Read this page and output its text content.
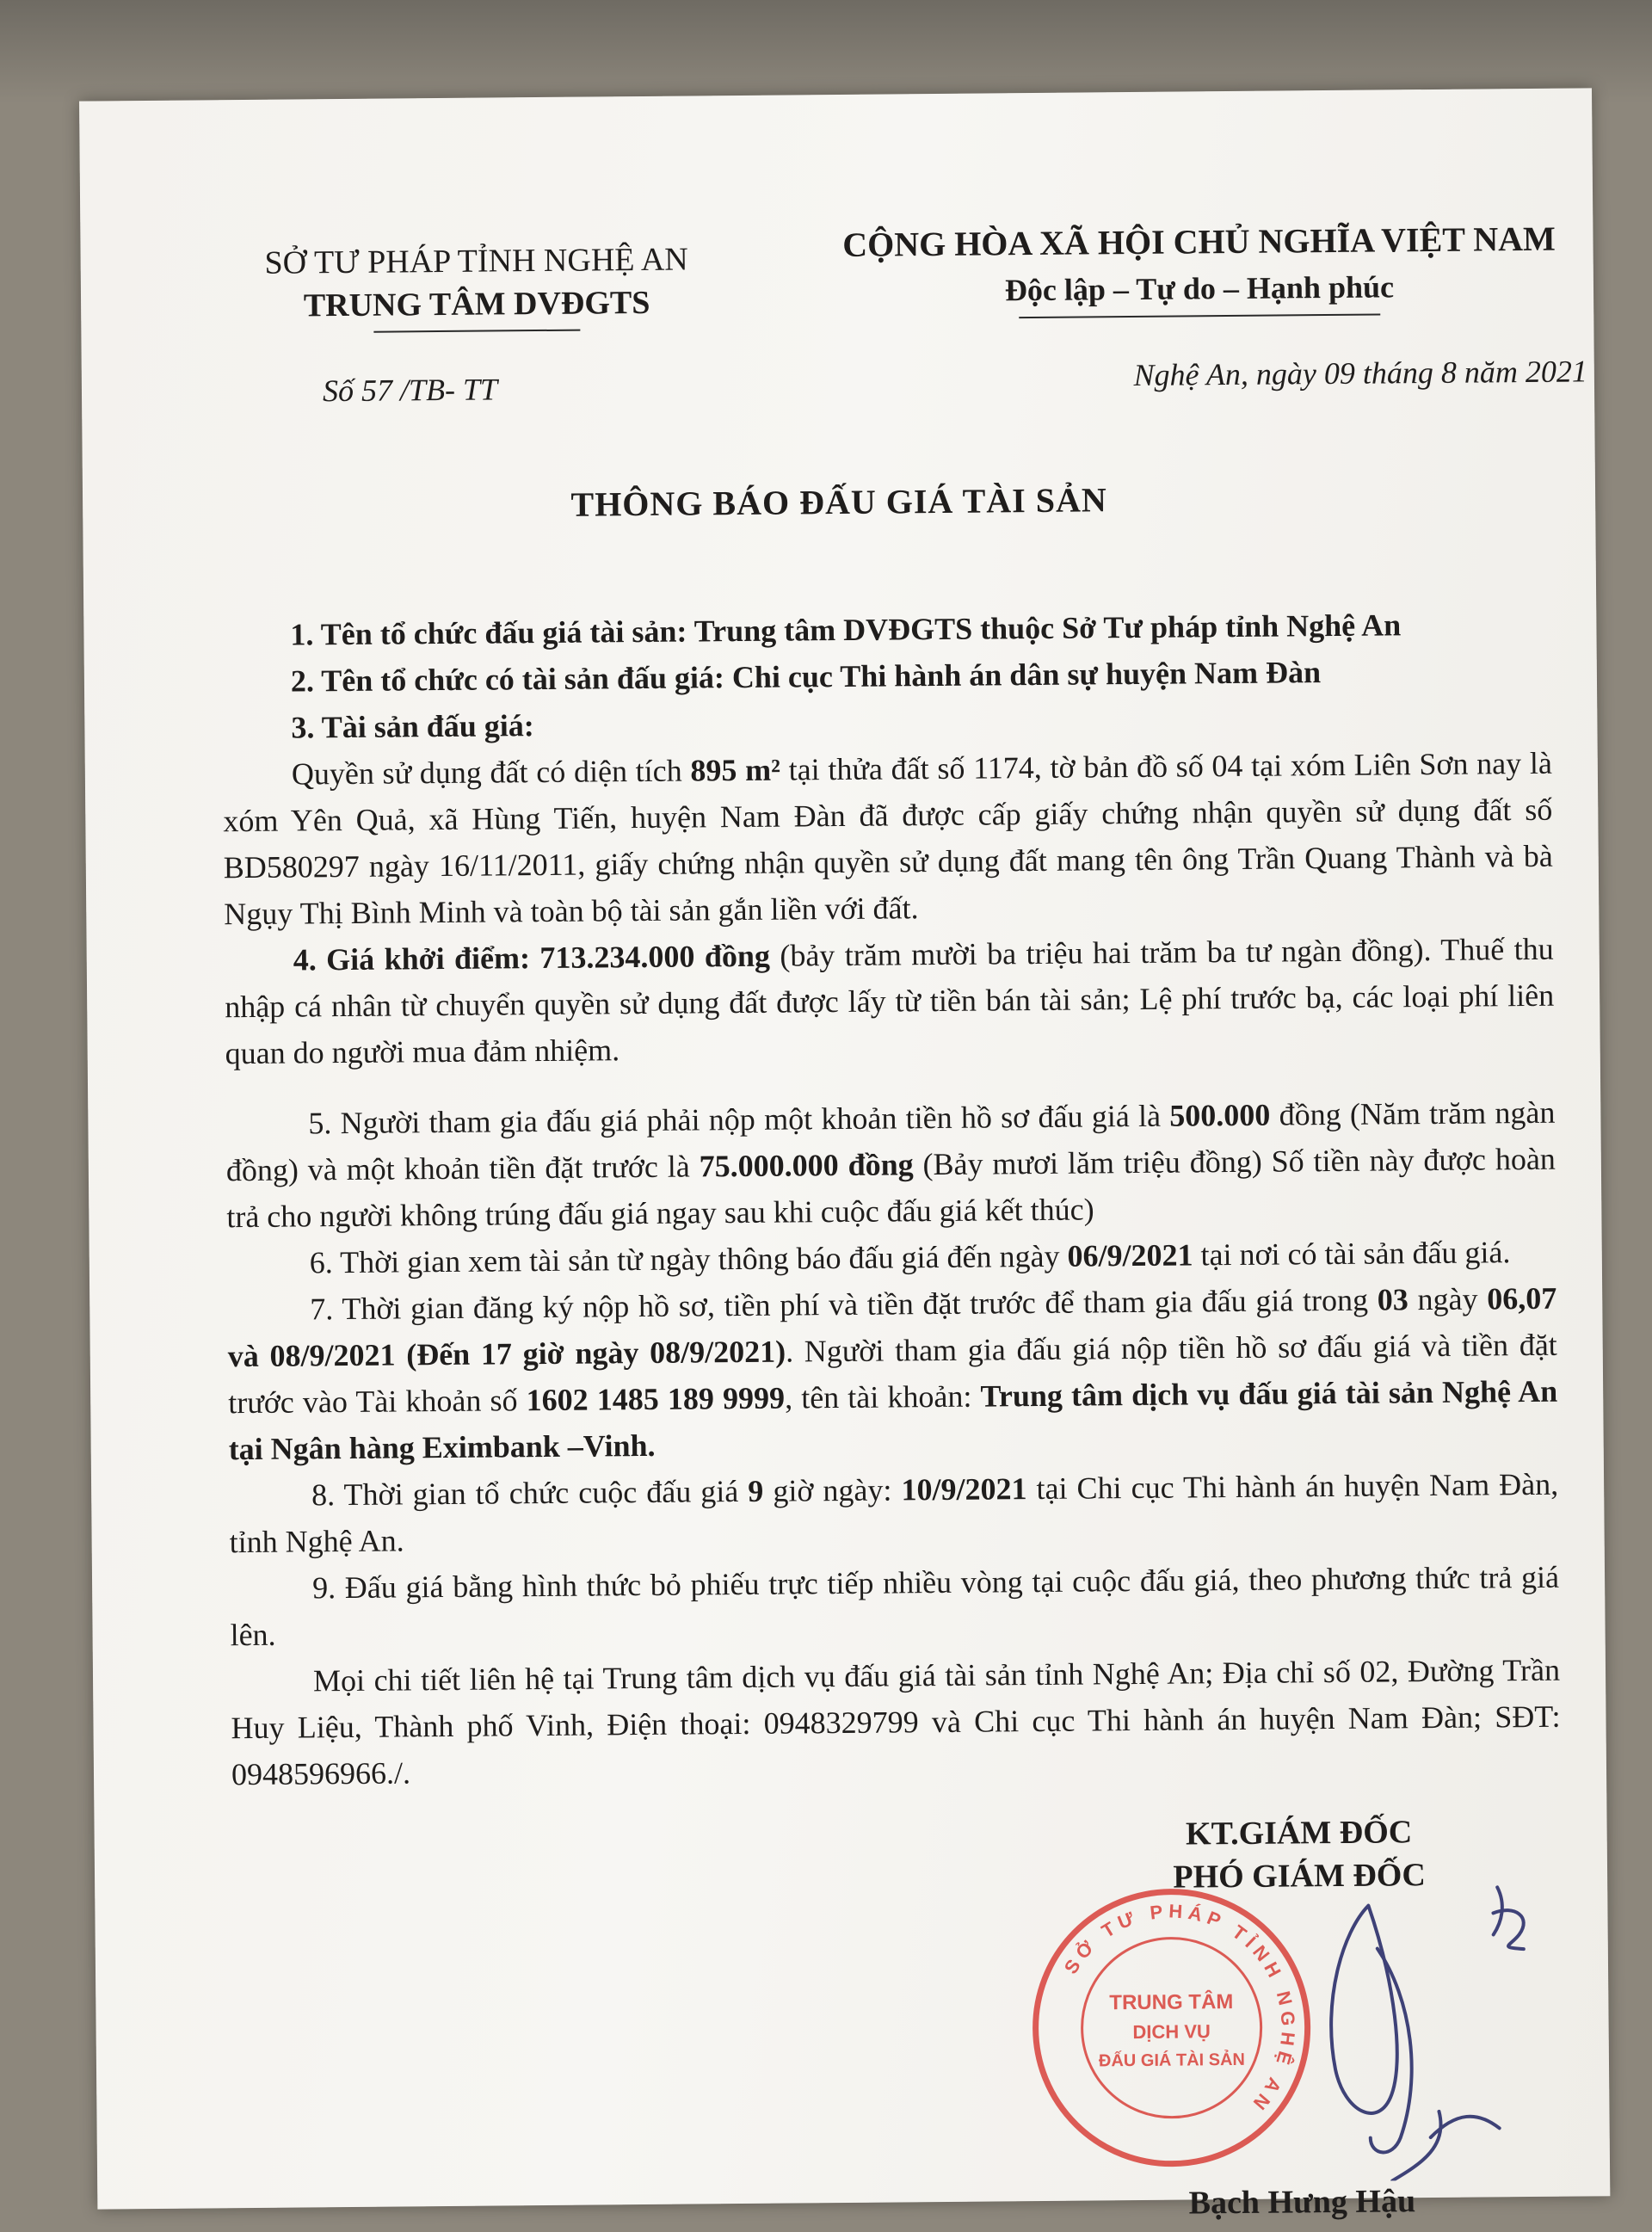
SỞ TƯ PHÁP TỈNH NGHỆ AN
TRUNG TÂM DVĐGTS
CỘNG HÒA XÃ HỘI CHỦ NGHĨA VIỆT NAM
Độc lập – Tự do – Hạnh phúc
Số 57 /TB- TT	Nghệ An, ngày 09 tháng 8 năm 2021
THÔNG BÁO ĐẤU GIÁ TÀI SẢN

1. Tên tổ chức đấu giá tài sản: Trung tâm DVĐGTS thuộc Sở Tư pháp tỉnh Nghệ An

2. Tên tổ chức có tài sản đấu giá: Chi cục Thi hành án dân sự huyện Nam Đàn

3. Tài sản đấu giá:

Quyền sử dụng đất có diện tích 895 m² tại thửa đất số 1174, tờ bản đồ số 04 tại xóm Liên Sơn nay là xóm Yên Quả, xã Hùng Tiến, huyện Nam Đàn đã được cấp giấy chứng nhận quyền sử dụng đất số BD580297 ngày 16/11/2011, giấy chứng nhận quyền sử dụng đất mang tên ông Trần Quang Thành và bà Ngụy Thị Bình Minh và toàn bộ tài sản gắn liền với đất.

4. Giá khởi điểm: 713.234.000 đồng (bảy trăm mười ba triệu hai trăm ba tư ngàn đồng). Thuế thu nhập cá nhân từ chuyển quyền sử dụng đất được lấy từ tiền bán tài sản; Lệ phí trước bạ, các loại phí liên quan do người mua đảm nhiệm.

5. Người tham gia đấu giá phải nộp một khoản tiền hồ sơ đấu giá là 500.000 đồng (Năm trăm ngàn đồng) và một khoản tiền đặt trước là 75.000.000 đồng (Bảy mươi lăm triệu đồng) Số tiền này được hoàn trả cho người không trúng đấu giá ngay sau khi cuộc đấu giá kết thúc)

6. Thời gian xem tài sản từ ngày thông báo đấu giá đến ngày 06/9/2021 tại nơi có tài sản đấu giá.

7. Thời gian đăng ký nộp hồ sơ, tiền phí và tiền đặt trước để tham gia đấu giá trong 03 ngày 06,07 và 08/9/2021 (Đến 17 giờ ngày 08/9/2021). Người tham gia đấu giá nộp tiền hồ sơ đấu giá và tiền đặt trước vào Tài khoản số 1602 1485 189 9999, tên tài khoản: Trung tâm dịch vụ đấu giá tài sản Nghệ An tại Ngân hàng Eximbank –Vinh.

8. Thời gian tổ chức cuộc đấu giá 9 giờ ngày: 10/9/2021 tại Chi cục Thi hành án huyện Nam Đàn, tỉnh Nghệ An.

9. Đấu giá bằng hình thức bỏ phiếu trực tiếp nhiều vòng tại cuộc đấu giá, theo phương thức trả giá lên.

Mọi chi tiết liên hệ tại Trung tâm dịch vụ đấu giá tài sản tỉnh Nghệ An; Địa chỉ số 02, Đường Trần Huy Liệu, Thành phố Vinh, Điện thoại: 0948329799 và Chi cục Thi hành án huyện Nam Đàn; SĐT: 0948596966./.

KT.GIÁM ĐỐC
PHÓ GIÁM ĐỐC
SỞ TƯ PHÁP TỈNH NGHỆ AN
TRUNG TÂM
DỊCH VỤ
ĐẤU GIÁ TÀI SẢN
Bạch Hưng Hậu
